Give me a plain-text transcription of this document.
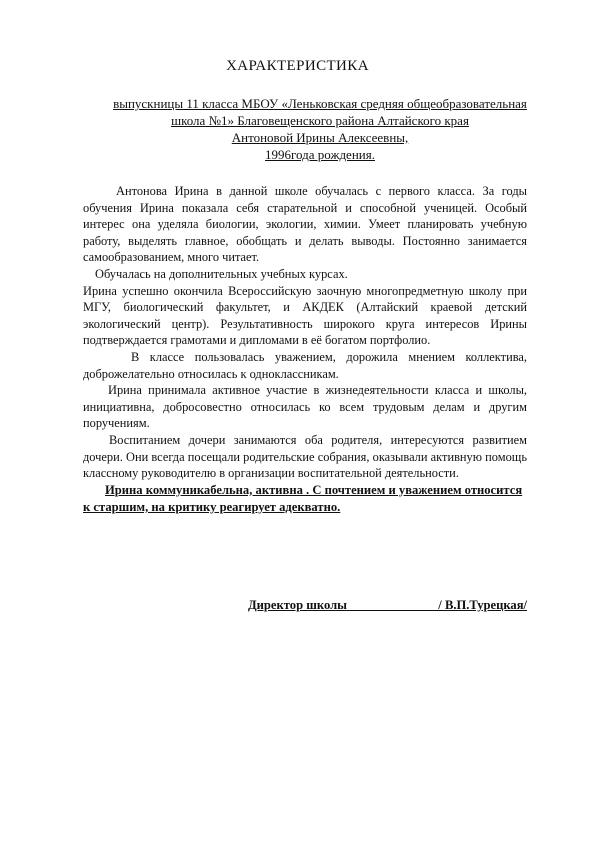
ХАРАКТЕРИСТИКА
выпускницы 11 класса МБОУ «Леньковская средняя общеобразовательная
школа №1» Благовещенского района Алтайского края
Антоновой Ирины Алексеевны,
1996года рождения.

Антонова Ирина в данной школе обучалась с первого класса. За годы обучения Ирина показала себя старательной и способной ученицей. Особый интерес она уделяла биологии, экологии, химии. Умеет планировать учебную работу, выделять главное, обобщать и делать выводы. Постоянно занимается самообразованием, много читает.

Обучалась на дополнительных учебных курсах.

Ирина успешно окончила Всероссийскую заочную многопредметную школу при МГУ, биологический факультет, и АКДЕК (Алтайский краевой детский экологический центр). Результативность широкого круга интересов Ирины подтверждается грамотами и дипломами в её богатом портфолио.

В классе пользовалась уважением, дорожила мнением коллектива, доброжелательно относилась к одноклассникам.

Ирина принимала активное участие в жизнедеятельности класса и школы, инициативна, добросовестно относилась ко всем трудовым делам и другим поручениям.

Воспитанием дочери занимаются оба родителя, интересуются развитием дочери. Они всегда посещали родительские собрания, оказывали активную помощь классному руководителю в организации воспитательной деятельности.

Ирина коммуникабельна, активна . С почтением и уважением относится к старшим, на критику реагирует адекватно.

Директор школы ______________/ В.П.Турецкая/
